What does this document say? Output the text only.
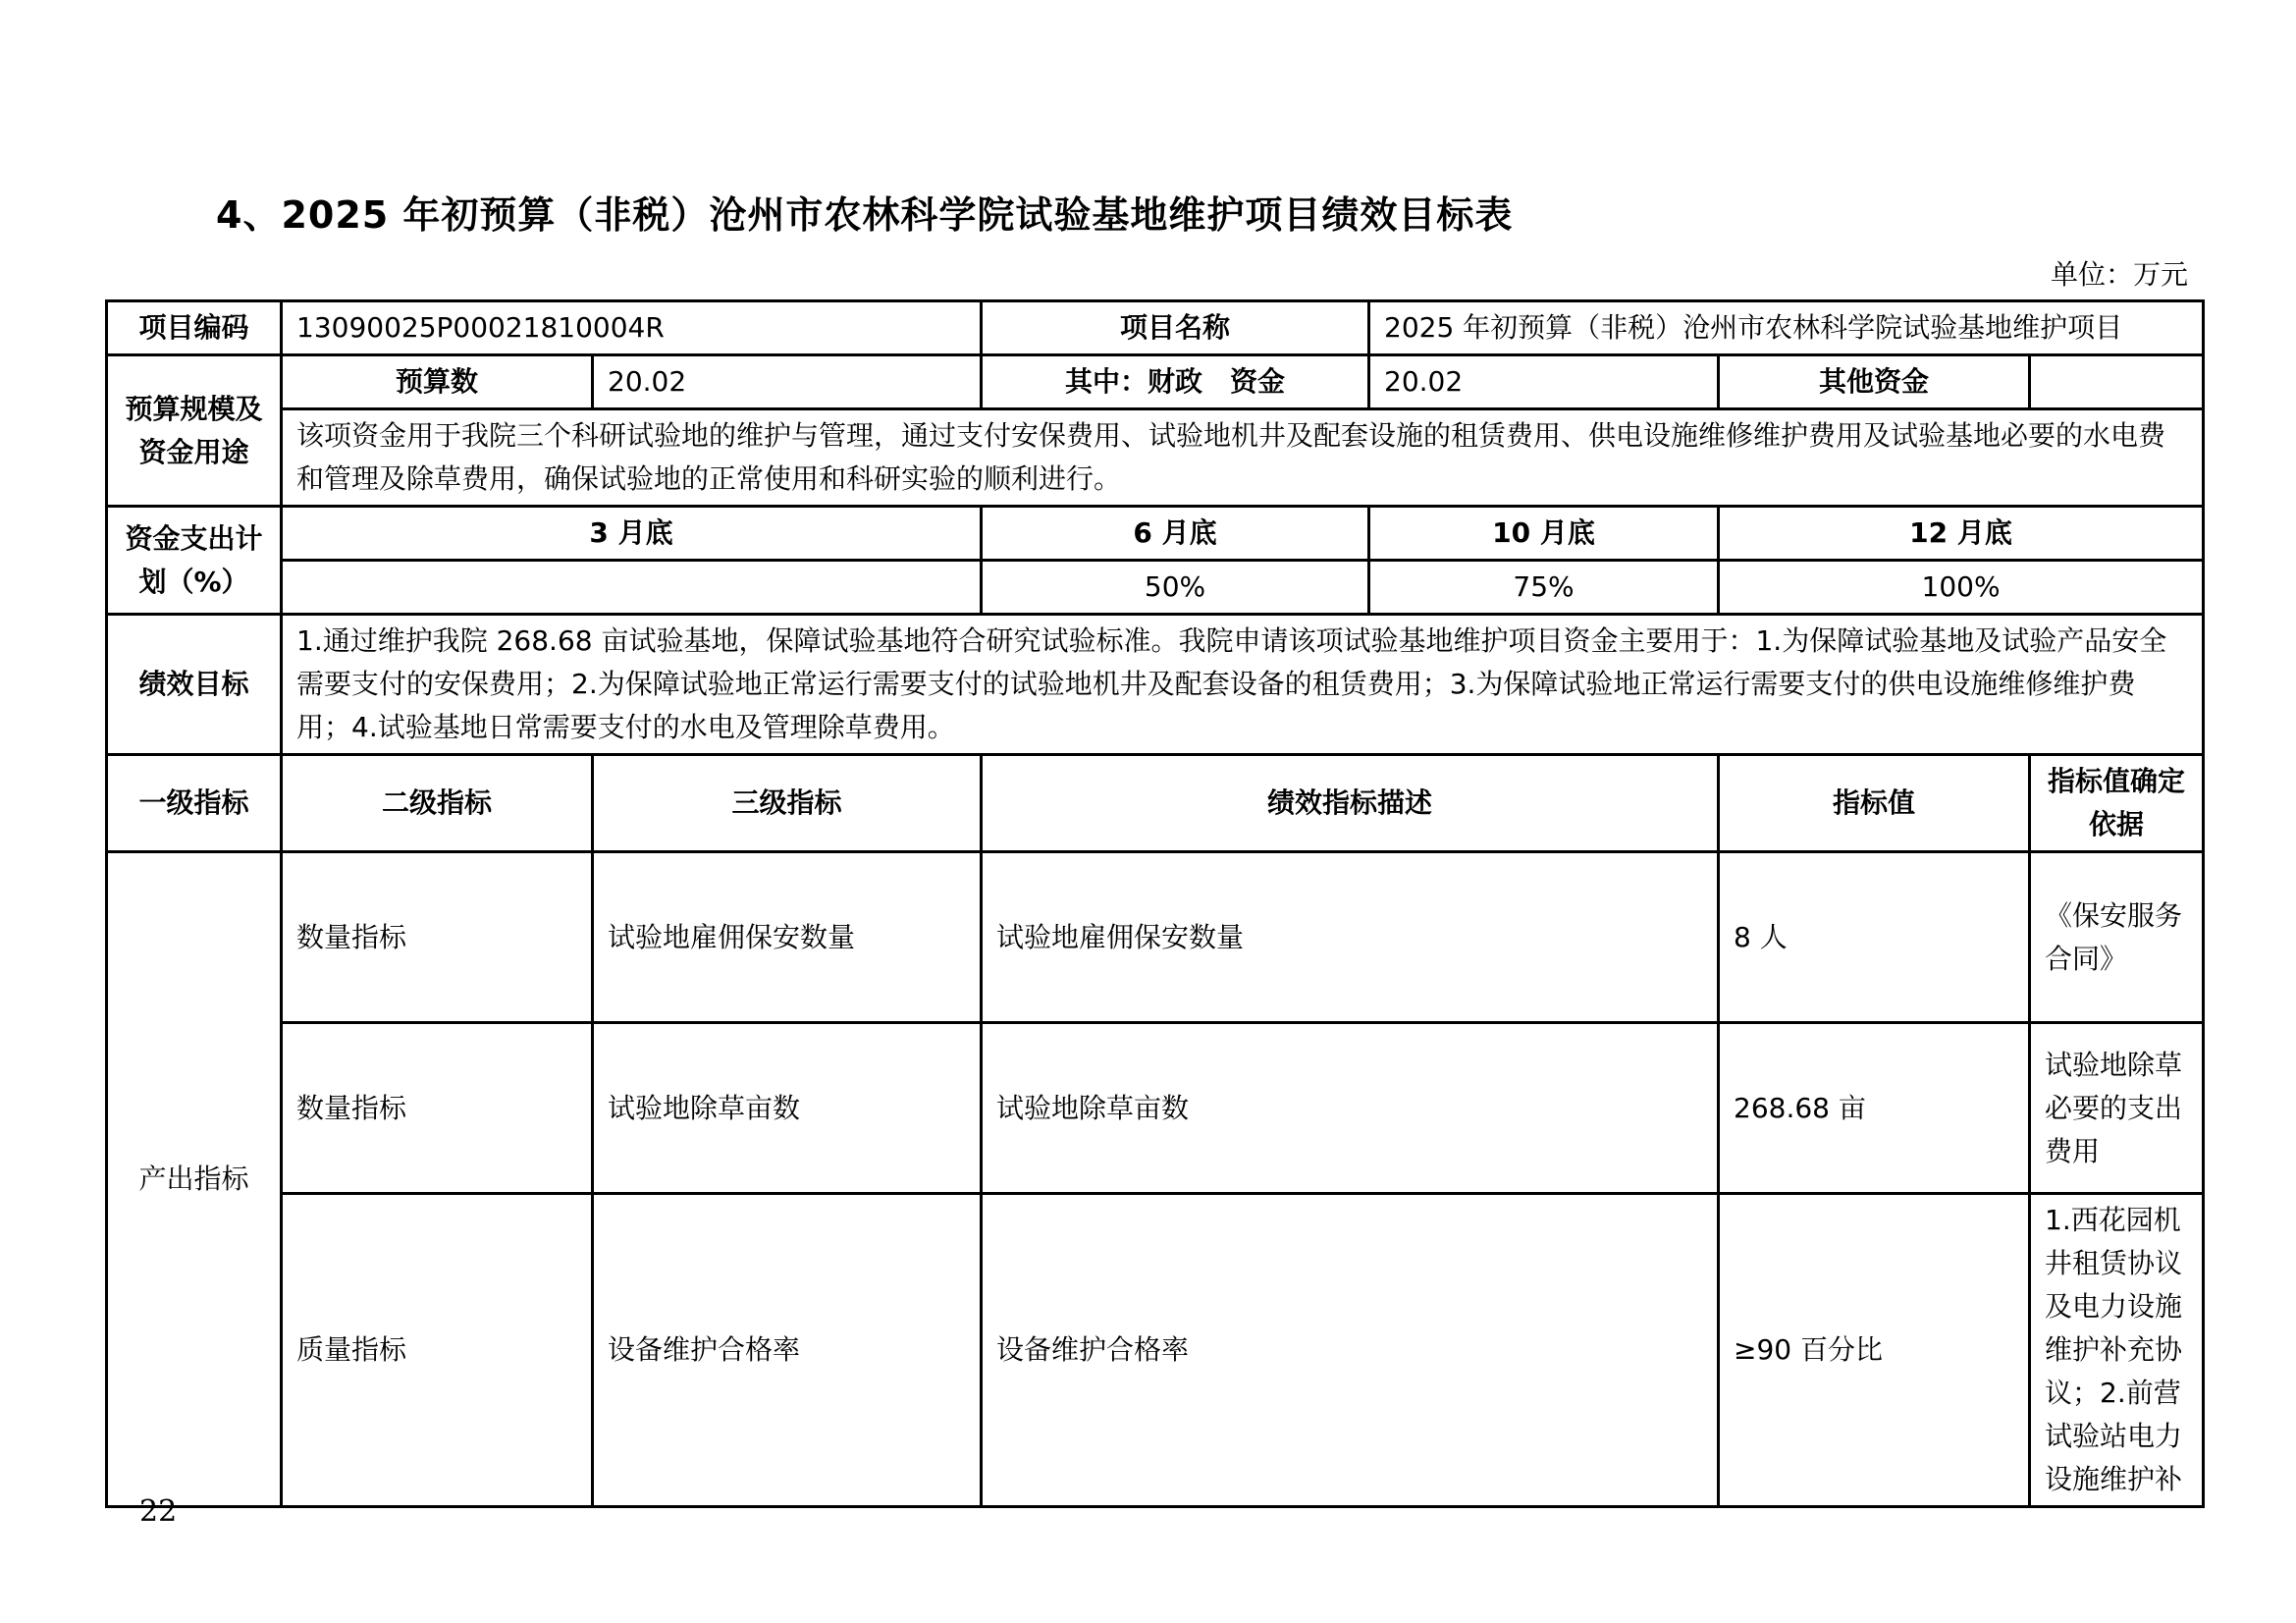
4、2025 年初预算（非税）沧州市农林科学院试验基地维护项目绩效目标表
单位：万元
项目编码	13090025P00021810004R		项目名称	2025 年初预算（非税）沧州市农林科学院试验基地维护项目		
预算规模及资金用途	预算数	20.02	其中：财政　资金	20.02	其他资金	
	该项资金用于我院三个科研试验地的维护与管理，通过支付安保费用、试验地机井及配套设施的租赁费用、供电设施维修维护费用及试验基地必要的水电费和管理及除草费用，确保试验地的正常使用和科研实验的顺利进行。					
资金支出计划（%）	3 月底		6 月底	10 月底	12 月底	
			50%	75%	100%	
绩效目标	1.通过维护我院 268.68 亩试验基地，保障试验基地符合研究试验标准。我院申请该项试验基地维护项目资金主要用于：1.为保障试验基地及试验产品安全需要支付的安保费用；2.为保障试验地正常运行需要支付的试验地机井及配套设备的租赁费用；3.为保障试验地正常运行需要支付的供电设施维修维护费用；4.试验基地日常需要支付的水电及管理除草费用。					
一级指标	二级指标	三级指标	绩效指标描述		指标值	指标值确定依据
产出指标	数量指标	试验地雇佣保安数量	试验地雇佣保安数量		8 人	《保安服务合同》
	数量指标	试验地除草亩数	试验地除草亩数		268.68 亩	试验地除草必要的支出费用
	质量指标	设备维护合格率	设备维护合格率		≥90 百分比	1.西花园机井租赁协议及电力设施维护补充协议；2.前营试验站电力设施维护补
22
